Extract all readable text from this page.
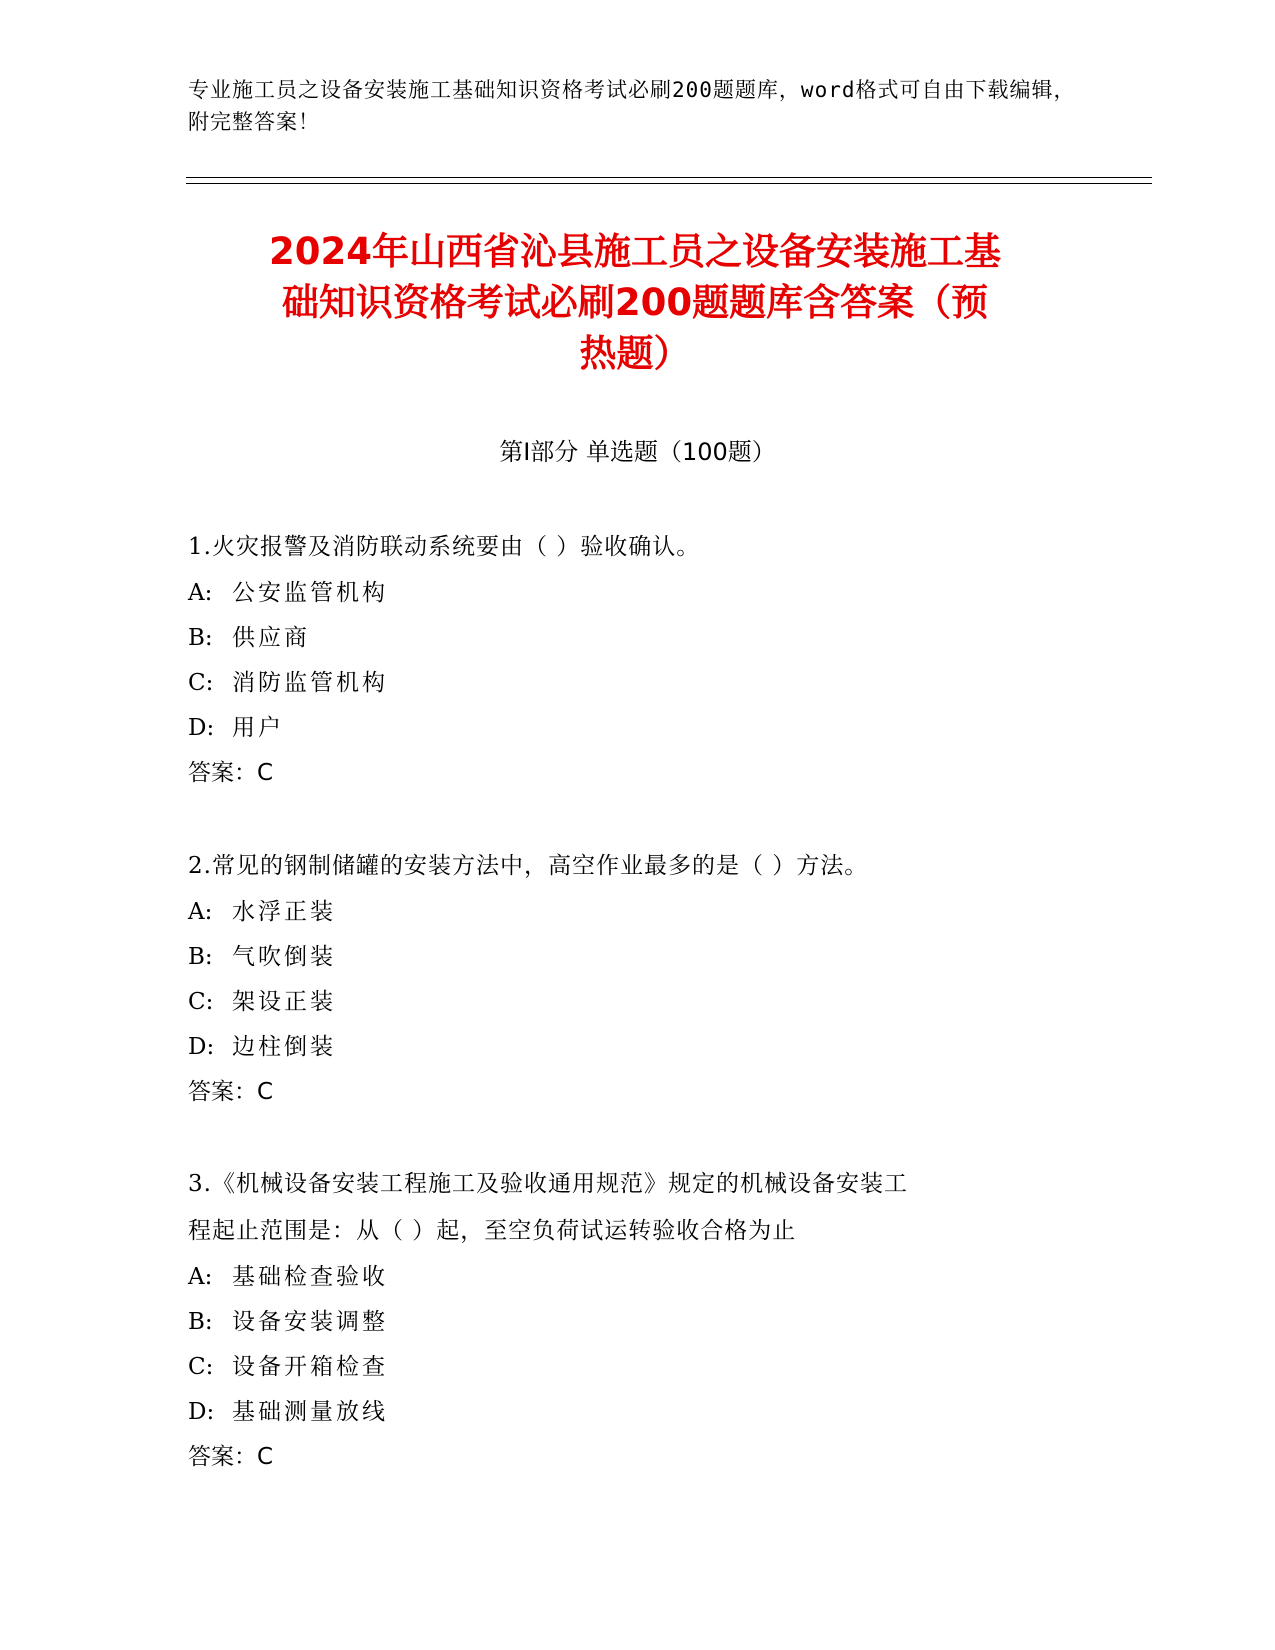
专业施工员之设备安装施工基础知识资格考试必刷200题题库，word格式可自由下载编辑，附完整答案！
2024年山西省沁县施工员之设备安装施工基
础知识资格考试必刷200题题库含答案（预
热题）
第Ⅰ部分 单选题（100题）
1.火灾报警及消防联动系统要由（ ）验收确认。
A: 公安监管机构
B: 供应商
C: 消防监管机构
D: 用户
答案：C
2.常见的钢制储罐的安装方法中，高空作业最多的是（ ）方法。
A: 水浮正装
B: 气吹倒装
C: 架设正装
D: 边柱倒装
答案：C
3.《机械设备安装工程施工及验收通用规范》规定的机械设备安装工
程起止范围是：从（ ）起，至空负荷试运转验收合格为止
A: 基础检查验收
B: 设备安装调整
C: 设备开箱检查
D: 基础测量放线
答案：C
